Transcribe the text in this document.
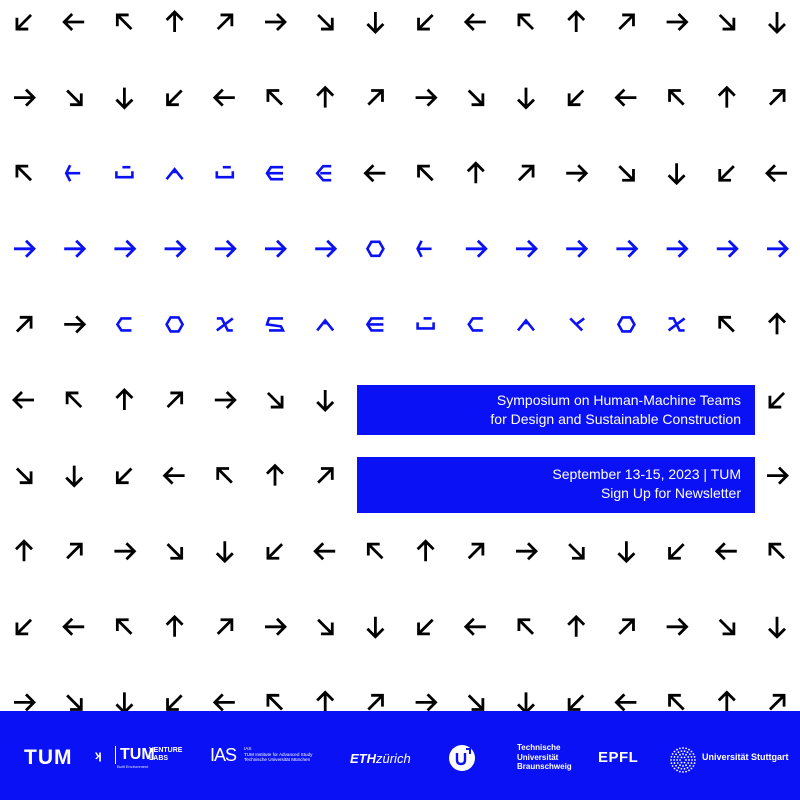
Symposium on Human-Machine Teams
for Design and Sustainable Construction
September 13-15, 2023 | TUM
Sign Up for Newsletter
TUM ʞ	TUM
VENTURE
LABS
Built Environment
IAS IAS
TUM Institute for Advanced Study
Technische Universität München	ETHzürich
Technische
Universität
Braunschweig
EPFL	Universität Stuttgart
